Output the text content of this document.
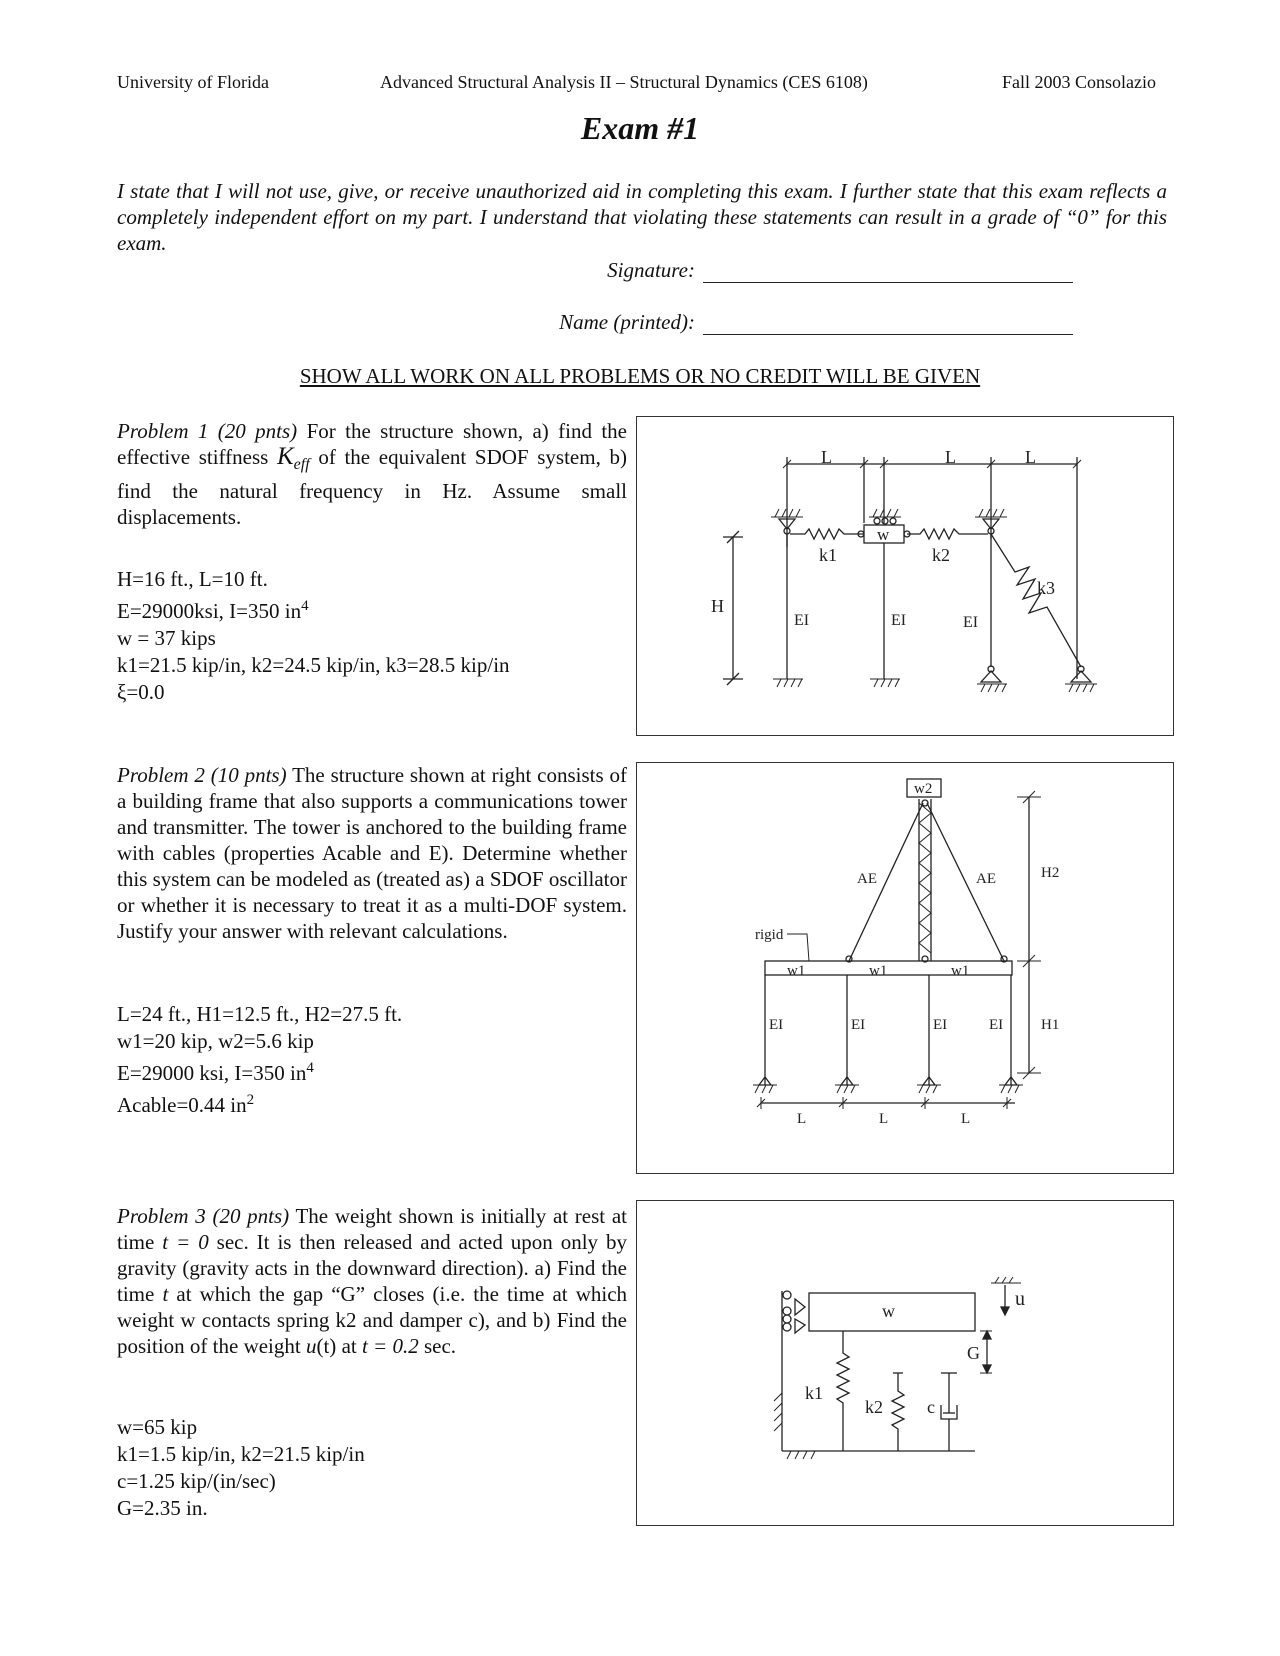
University of Florida	Advanced Structural Analysis II – Structural Dynamics (CES 6108)	Fall 2003 Consolazio
Exam #1
I state that I will not use, give, or receive unauthorized aid in completing this exam. I further state that this exam reflects a completely independent effort on my part. I understand that violating these statements can result in a grade of “0” for this exam.
Signature:
Name (printed):
SHOW ALL WORK ON ALL PROBLEMS OR NO CREDIT WILL BE GIVEN
Problem 1 (20 pnts) For the structure shown, a) find the effective stiffness $K_{eff}$ of the equivalent SDOF system, b) find the natural frequency in Hz. Assume small displacements.
H=16 ft., L=10 ft.
E=29000ksi, I=350 $in^4$
w = 37 kips
k1=21.5 kip/in, k2=24.5 kip/in, k3=28.5 kip/in
ξ=0.0
L	L	L
H
w
k1	k2
k3
EI	EI	EI
Problem 2 (10 pnts) The structure shown at right consists of a building frame that also supports a communications tower and transmitter. The tower is anchored to the building frame with cables (properties Acable and E). Determine whether this system can be modeled as (treated as) a SDOF oscillator or whether it is necessary to treat it as a multi-DOF system. Justify your answer with relevant calculations.
L=24 ft., H1=12.5 ft., H2=27.5 ft.
w1=20 kip, w2=5.6 kip
E=29000 ksi, I=350 $in^4$
Acable=0.44 $in^2$
w2
AE	AE
w1	w1	w1
rigid
EI	EI	EI	EI
H2
H1
L	L	L
Problem 3 (20 pnts) The weight shown is initially at rest at time t = 0 sec. It is then released and acted upon only by gravity (gravity acts in the downward direction). a) Find the time t at which the gap “G” closes (i.e. the time at which weight w contacts spring k2 and damper c), and b) Find the position of the weight u(t) at t = 0.2 sec.
w=65 kip
k1=1.5 kip/in, k2=21.5 kip/in
c=1.25 kip/(in/sec)
G=2.35 in.
w
k1
k2 c
G
u
